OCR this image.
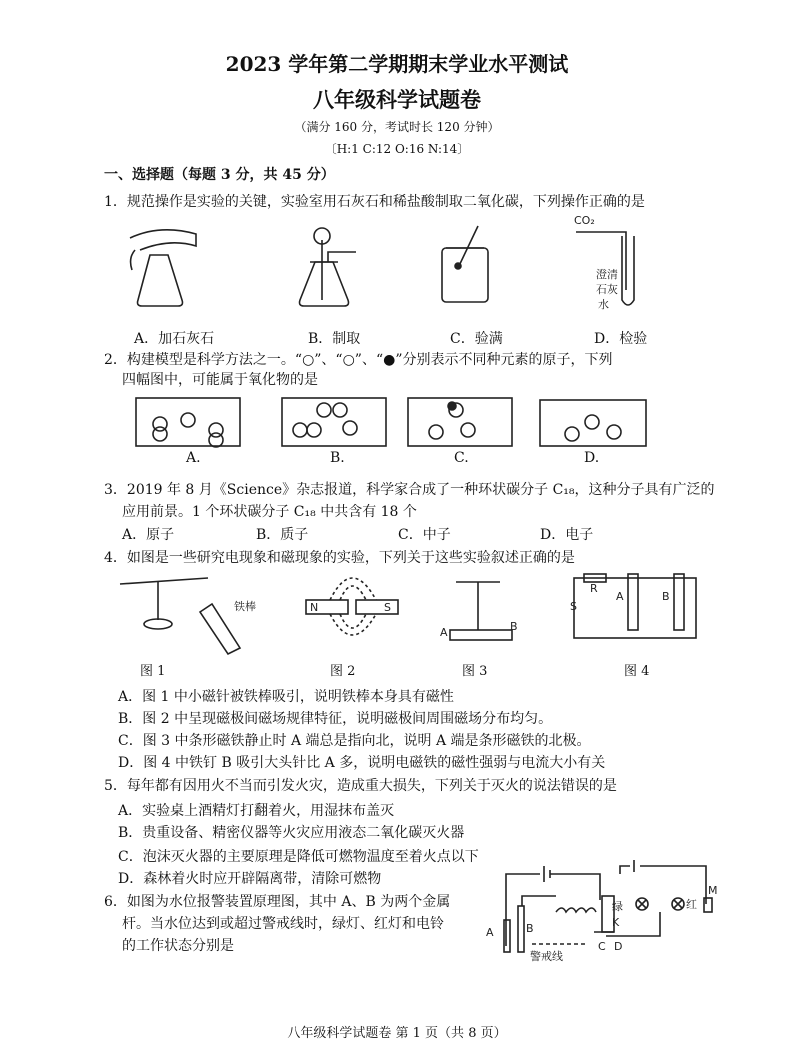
2023 学年第二学期期末学业水平测试
八年级科学试题卷
（满分 160 分，考试时长 120 分钟）
〔H:1 C:12 O:16 N:14〕
一、选择题（每题 3 分，共 45 分）
1．规范操作是实验的关键，实验室用石灰石和稀盐酸制取二氧化碳，下列操作正确的是
CO₂
澄清
石灰
水
A．加石灰石	B．制取	C．验满	D．检验
2．构建模型是科学方法之一。“○”、“○”、“●”分别表示不同种元素的原子，下列
四幅图中，可能属于氧化物的是
A.	B.	C.	D.
3．2019 年 8 月《Science》杂志报道，科学家合成了一种环状碳分子 C₁₈，这种分子具有广泛的
应用前景。1 个环状碳分子 C₁₈ 中共含有 18 个
A．原子	B．质子	C．中子	D．电子
4．如图是一些研究电现象和磁现象的实验，下列关于这些实验叙述正确的是
铁棒	N	S
A	B
R
S
A	B
图 1	图 2	图 3	图 4
A．图 1 中小磁针被铁棒吸引，说明铁棒本身具有磁性
B．图 2 中呈现磁极间磁场规律特征，说明磁极间周围磁场分布均匀。
C．图 3 中条形磁铁静止时 A 端总是指向北，说明 A 端是条形磁铁的北极。
D．图 4 中铁钉 B 吸引大头针比 A 多，说明电磁铁的磁性强弱与电流大小有关
5．每年都有因用火不当而引发火灾，造成重大损失，下列关于灭火的说法错误的是
A．实验桌上酒精灯打翻着火，用湿抹布盖灭
B．贵重设备、精密仪器等火灾应用液态二氧化碳灭火器
C．泡沫灭火器的主要原理是降低可燃物温度至着火点以下
D．森林着火时应开辟隔离带，清除可燃物
6．如图为水位报警装置原理图，其中 A、B 为两个金属
杆。当水位达到或超过警戒线时，绿灯、红灯和电铃
的工作状态分别是
A	B
C D
绿
K
红
M
警戒线
八年级科学试题卷 第 1 页（共 8 页）
